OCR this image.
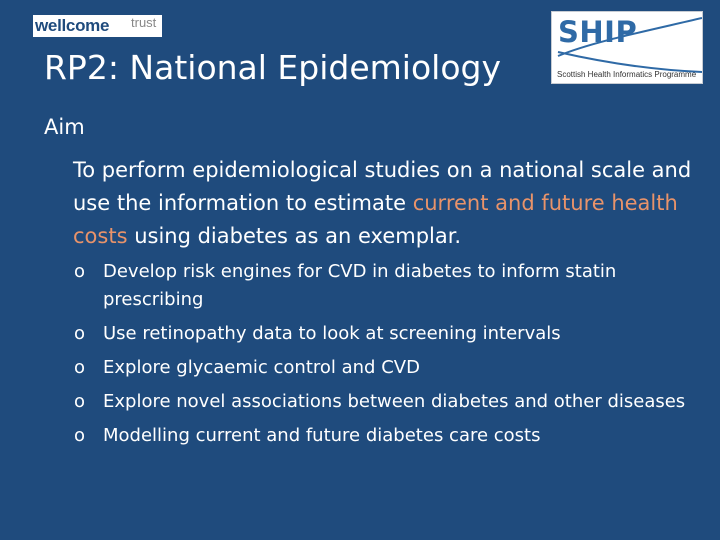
wellcome trust	SHIP
Scottish Health Informatics Programme
RP2: National Epidemiology
Aim
To perform epidemiological studies on a national scale and use the information to estimate current and future health costs using diabetes as an exemplar.
o Develop risk engines for CVD in diabetes to inform statin prescribing
o Use retinopathy data to look at screening intervals
o Explore glycaemic control and CVD
o Explore novel associations between diabetes and other diseases
o Modelling current and future diabetes care costs
